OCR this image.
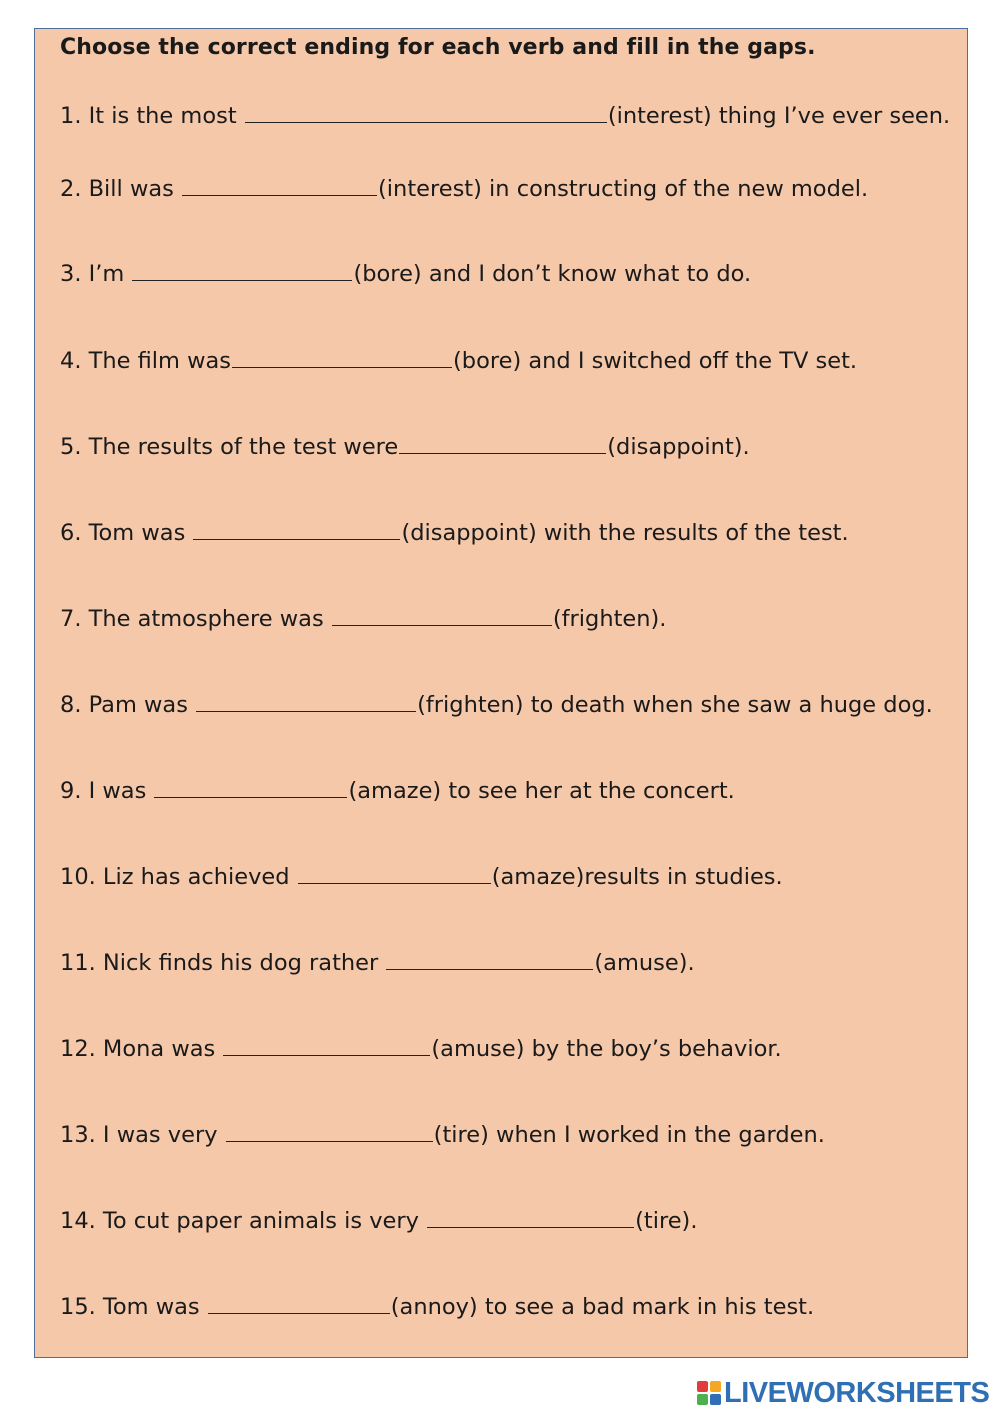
Choose the correct ending for each verb and fill in the gaps.
1. It is the most	(interest) thing I’ve ever seen.
2. Bill was	(interest) in constructing of the new model.
3. I’m	(bore) and I don’t know what to do.
4. The film was	(bore) and I switched off the TV set.
5. The results of the test were	(disappoint).
6. Tom was	(disappoint) with the results of the test.
7. The atmosphere was	(frighten).
8. Pam was	(frighten) to death when she saw a huge dog.
9. I was	(amaze) to see her at the concert.
10. Liz has achieved	(amaze)results in studies.
11. Nick finds his dog rather	(amuse).
12. Mona was	(amuse) by the boy’s behavior.
13. I was very	(tire) when I worked in the garden.
14. To cut paper animals is very	(tire).
15. Tom was	(annoy) to see a bad mark in his test.
LIVEWORKSHEETS
